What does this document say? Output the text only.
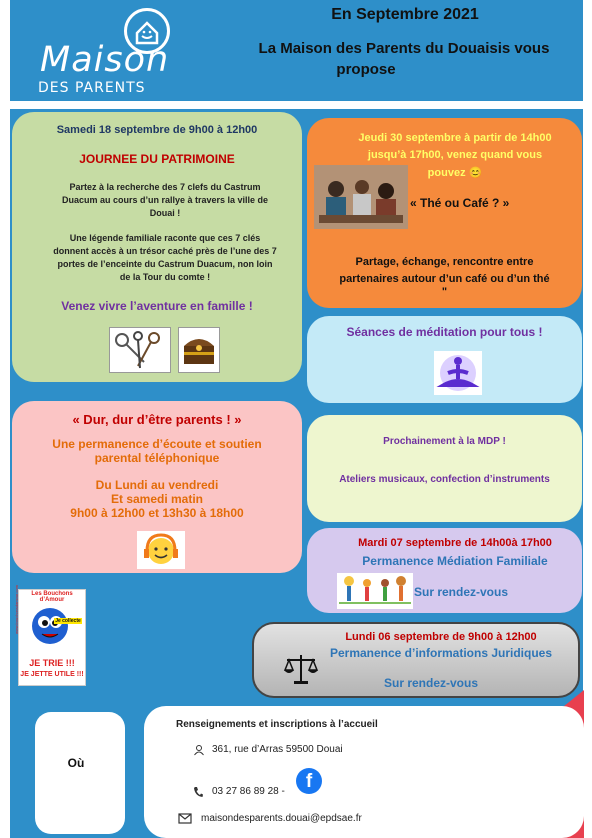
Maison
DES PARENTS
En Septembre 2021
La Maison des Parents du Douaisis vous
propose
Samedi 18 septembre de 9h00 à 12h00
JOURNEE DU PATRIMOINE
Partez à la recherche des 7 clefs du Castrum
Duacum au cours d’un rallye à travers la ville de
Douai !
Une légende familiale raconte que ces 7 clés
donnent accès à un trésor caché près de l’une des 7
portes de l’enceinte du Castrum Duacum, non loin
de la Tour du comte !
Venez vivre l’aventure en famille !
Jeudi 30 septembre à partir de 14h00
jusqu’à 17h00, venez quand vous
pouvez 😊
« Thé ou Café ? »
Partage, échange, rencontre entre
partenaires autour d’un café ou d’un thé
"
Séances de méditation pour tous !
« Dur, dur d’être parents ! »
Une permanence d’écoute et soutien
parental téléphonique
Du Lundi au vendredi
Et samedi matin
9h00 à 12h00 et 13h30 à 18h00
Prochainement à la MDP !
Ateliers musicaux, confection d’instruments
Mardi 07 septembre de 14h00à 17h00
Permanence Médiation Familiale
Sur rendez-vous
Les Bouchons d’Amour
Je collecte
www.bouchonsdamour.com
JE TRIE !!!
JE JETTE UTILE !!!
Lundi 06 septembre de 9h00 à 12h00
Permanence d’informations Juridiques
Sur rendez-vous
Où
Renseignements et inscriptions à l’accueil
361, rue d’Arras 59500 Douai
03 27 86 89 28 -	f
maisondesparents.douai@epdsae.fr
